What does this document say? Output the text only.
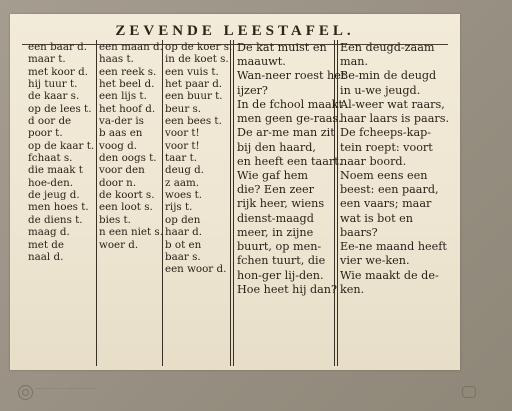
ZEVENDE LEESTAFEL.
een baar d.
maar t.
met koor d.
hij tuur t.
de kaar s.
op de lees t.
d oor de
poor t.
op de kaar t.
fchaat s.
die maak t
hoe-den.
de jeug d.
men hoes t.
de diens t.
maag d.
met de
naal d.
een maan d.
haas t.
een reek s.
het beel d.
een lijs t.
het hoof d.
va-der is
b aas en
voog d.
den oogs t.
voor den
door n.
de koort s.
een loot s.
bies t.
n een niet s.
woer d.
op de koer s.
in de koet s.
een vuis t.
het paar d.
een buur t.
beur s.
een bees t.
voor t!
voor t!
taar t.
deug d.
z aam.
woes t.
rijs t.
op den
haar d.
b ot en
baar s.
een woor d.
De kat muist en
maauwt.
Wan-neer roest het
ijzer?
In de fchool maakt
men geen ge-raas.
De ar-me man zit
bij den haard,
en heeft een taart.
Wie gaf hem
die? Een zeer
rijk heer, wiens
dienst-maagd
meer, in zijne
buurt, op men-
fchen tuurt, die
hon-ger lij-den.
Hoe heet hij dan?
Een deugd-zaam
man.
Be-min de deugd
in u-we jeugd.
Al-weer wat raars,
haar laars is paars.
De fcheeps-kap-
tein roept: voort
naar boord.
Noem eens een
beest: een paard,
een vaars; maar
wat is bot en
baars?
Ee-ne maand heeft
vier we-ken.
Wie maakt de de-
ken.
